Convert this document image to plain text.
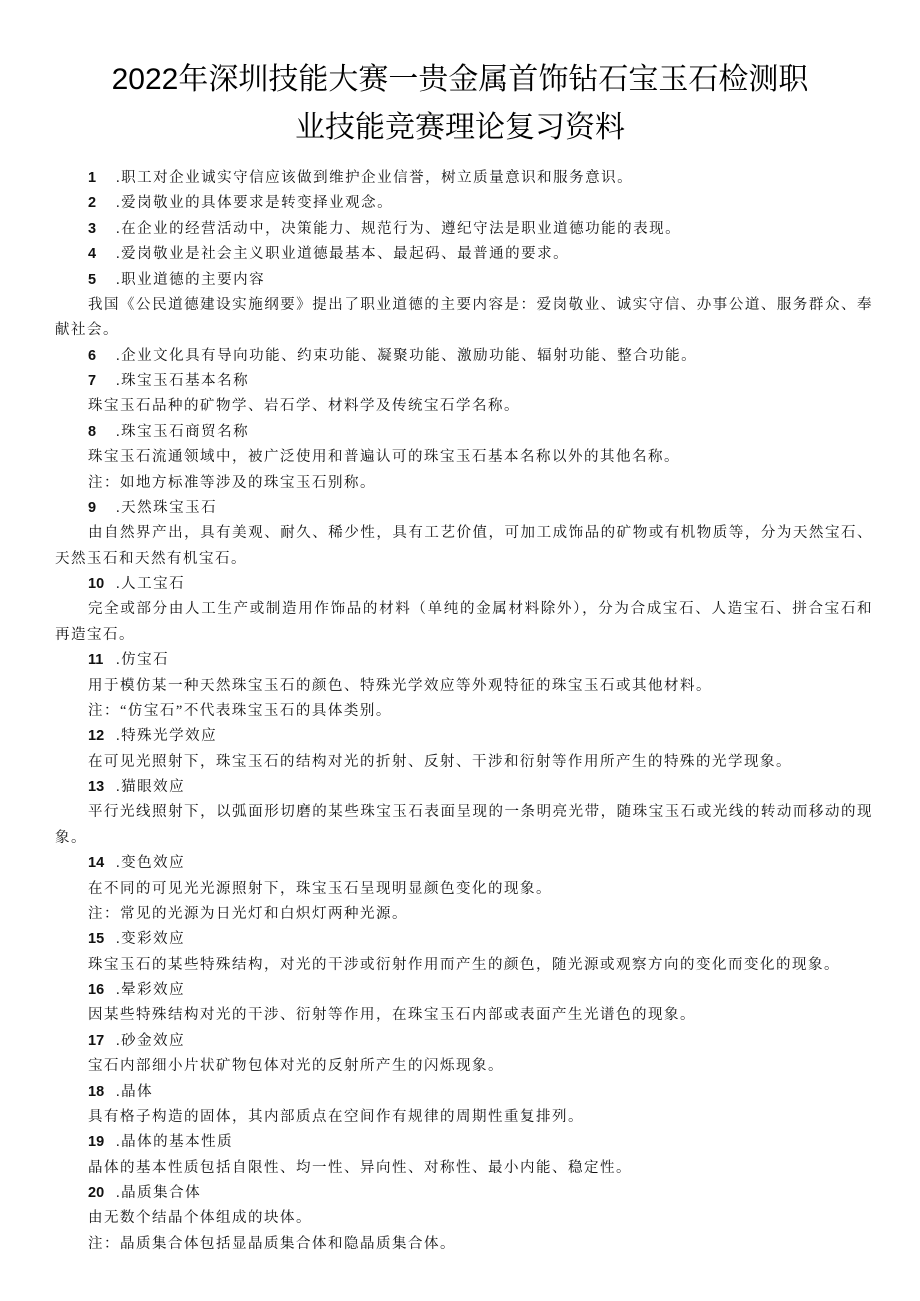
2022年深圳技能大赛一贵金属首饰钻石宝玉石检测职
业技能竞赛理论复习资料
1 .职工对企业诚实守信应该做到维护企业信誉，树立质量意识和服务意识。
2 .爱岗敬业的具体要求是转变择业观念。
3 .在企业的经营活动中，决策能力、规范行为、遵纪守法是职业道德功能的表现。
4 .爱岗敬业是社会主义职业道德最基本、最起码、最普通的要求。
5 .职业道德的主要内容
我国《公民道德建设实施纲要》提出了职业道德的主要内容是：爱岗敬业、诚实守信、办事公道、服务群众、奉献社会。
6 .企业文化具有导向功能、约束功能、凝聚功能、激励功能、辐射功能、整合功能。
7 .珠宝玉石基本名称
珠宝玉石品种的矿物学、岩石学、材料学及传统宝石学名称。
8 .珠宝玉石商贸名称
珠宝玉石流通领域中，被广泛使用和普遍认可的珠宝玉石基本名称以外的其他名称。
注：如地方标准等涉及的珠宝玉石别称。
9 .天然珠宝玉石
由自然界产出，具有美观、耐久、稀少性，具有工艺价值，可加工成饰品的矿物或有机物质等，分为天然宝石、天然玉石和天然有机宝石。
10 .人工宝石
完全或部分由人工生产或制造用作饰品的材料（单纯的金属材料除外），分为合成宝石、人造宝石、拼合宝石和再造宝石。
11 .仿宝石
用于模仿某一种天然珠宝玉石的颜色、特殊光学效应等外观特征的珠宝玉石或其他材料。
注：“仿宝石”不代表珠宝玉石的具体类别。
12 .特殊光学效应
在可见光照射下，珠宝玉石的结构对光的折射、反射、干涉和衍射等作用所产生的特殊的光学现象。
13 .猫眼效应
平行光线照射下，以弧面形切磨的某些珠宝玉石表面呈现的一条明亮光带，随珠宝玉石或光线的转动而移动的现象。
14 .变色效应
在不同的可见光光源照射下，珠宝玉石呈现明显颜色变化的现象。
注：常见的光源为日光灯和白炽灯两种光源。
15 .变彩效应
珠宝玉石的某些特殊结构，对光的干涉或衍射作用而产生的颜色，随光源或观察方向的变化而变化的现象。
16 .晕彩效应
因某些特殊结构对光的干涉、衍射等作用，在珠宝玉石内部或表面产生光谱色的现象。
17 .砂金效应
宝石内部细小片状矿物包体对光的反射所产生的闪烁现象。
18 .晶体
具有格子构造的固体，其内部质点在空间作有规律的周期性重复排列。
19 .晶体的基本性质
晶体的基本性质包括自限性、均一性、异向性、对称性、最小内能、稳定性。
20 .晶质集合体
由无数个结晶个体组成的块体。
注：晶质集合体包括显晶质集合体和隐晶质集合体。
